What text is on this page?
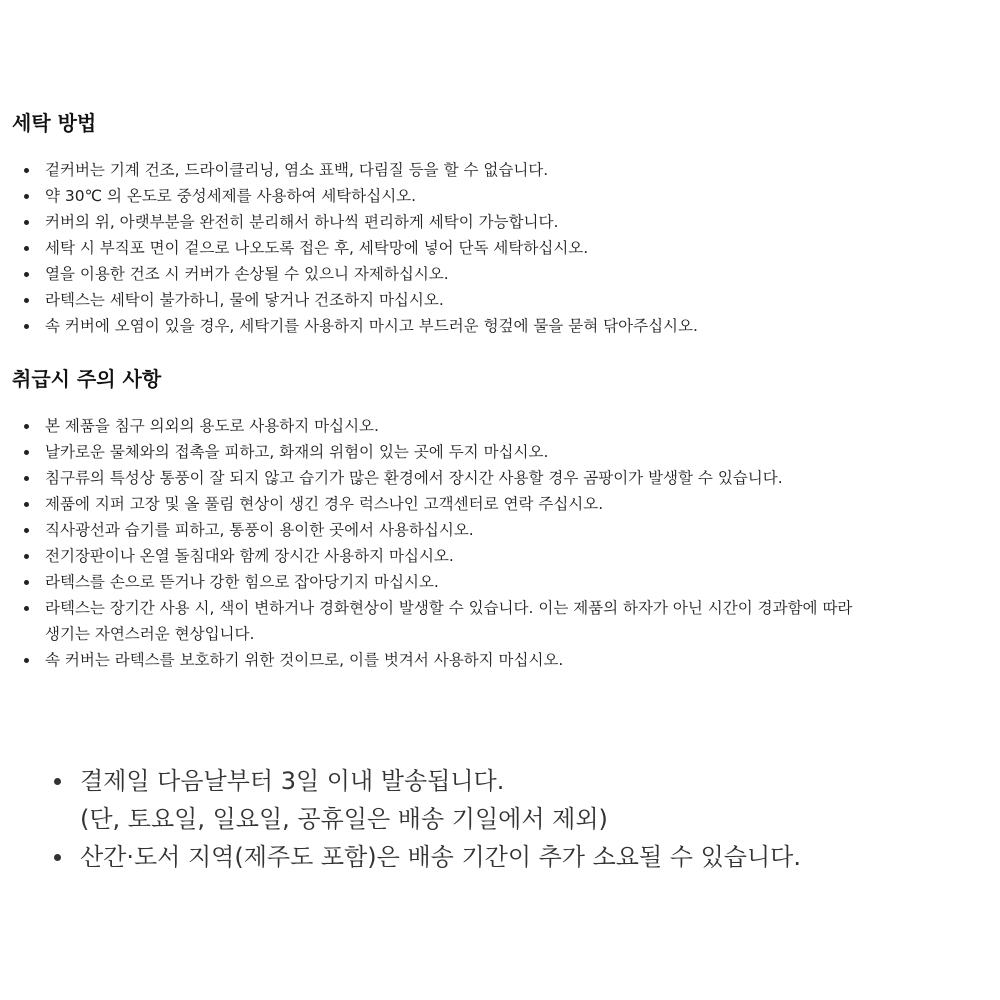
세탁 방법
겉커버는 기계 건조, 드라이클리닝, 염소 표백, 다림질 등을 할 수 없습니다.
약 30℃ 의 온도로 중성세제를 사용하여 세탁하십시오.
커버의 위, 아랫부분을 완전히 분리해서 하나씩 편리하게 세탁이 가능합니다.
세탁 시 부직포 면이 겉으로 나오도록 접은 후, 세탁망에 넣어 단독 세탁하십시오.
열을 이용한 건조 시 커버가 손상될 수 있으니 자제하십시오.
라텍스는 세탁이 불가하니, 물에 닿거나 건조하지 마십시오.
속 커버에 오염이 있을 경우, 세탁기를 사용하지 마시고 부드러운 헝겊에 물을 묻혀 닦아주십시오.
취급시 주의 사항
본 제품을 침구 의외의 용도로 사용하지 마십시오.
날카로운 물체와의 접촉을 피하고, 화재의 위험이 있는 곳에 두지 마십시오.
침구류의 특성상 통풍이 잘 되지 않고 습기가 많은 환경에서 장시간 사용할 경우 곰팡이가 발생할 수 있습니다.
제품에 지퍼 고장 및 올 풀림 현상이 생긴 경우 럭스나인 고객센터로 연락 주십시오.
직사광선과 습기를 피하고, 통풍이 용이한 곳에서 사용하십시오.
전기장판이나 온열 돌침대와 함께 장시간 사용하지 마십시오.
라텍스를 손으로 뜯거나 강한 힘으로 잡아당기지 마십시오.
라텍스는 장기간 사용 시, 색이 변하거나 경화현상이 발생할 수 있습니다. 이는 제품의 하자가 아닌 시간이 경과함에 따라
생기는 자연스러운 현상입니다.
속 커버는 라텍스를 보호하기 위한 것이므로, 이를 벗겨서 사용하지 마십시오.
결제일 다음날부터 3일 이내 발송됩니다.
(단, 토요일, 일요일, 공휴일은 배송 기일에서 제외)
산간·도서 지역(제주도 포함)은 배송 기간이 추가 소요될 수 있습니다.
